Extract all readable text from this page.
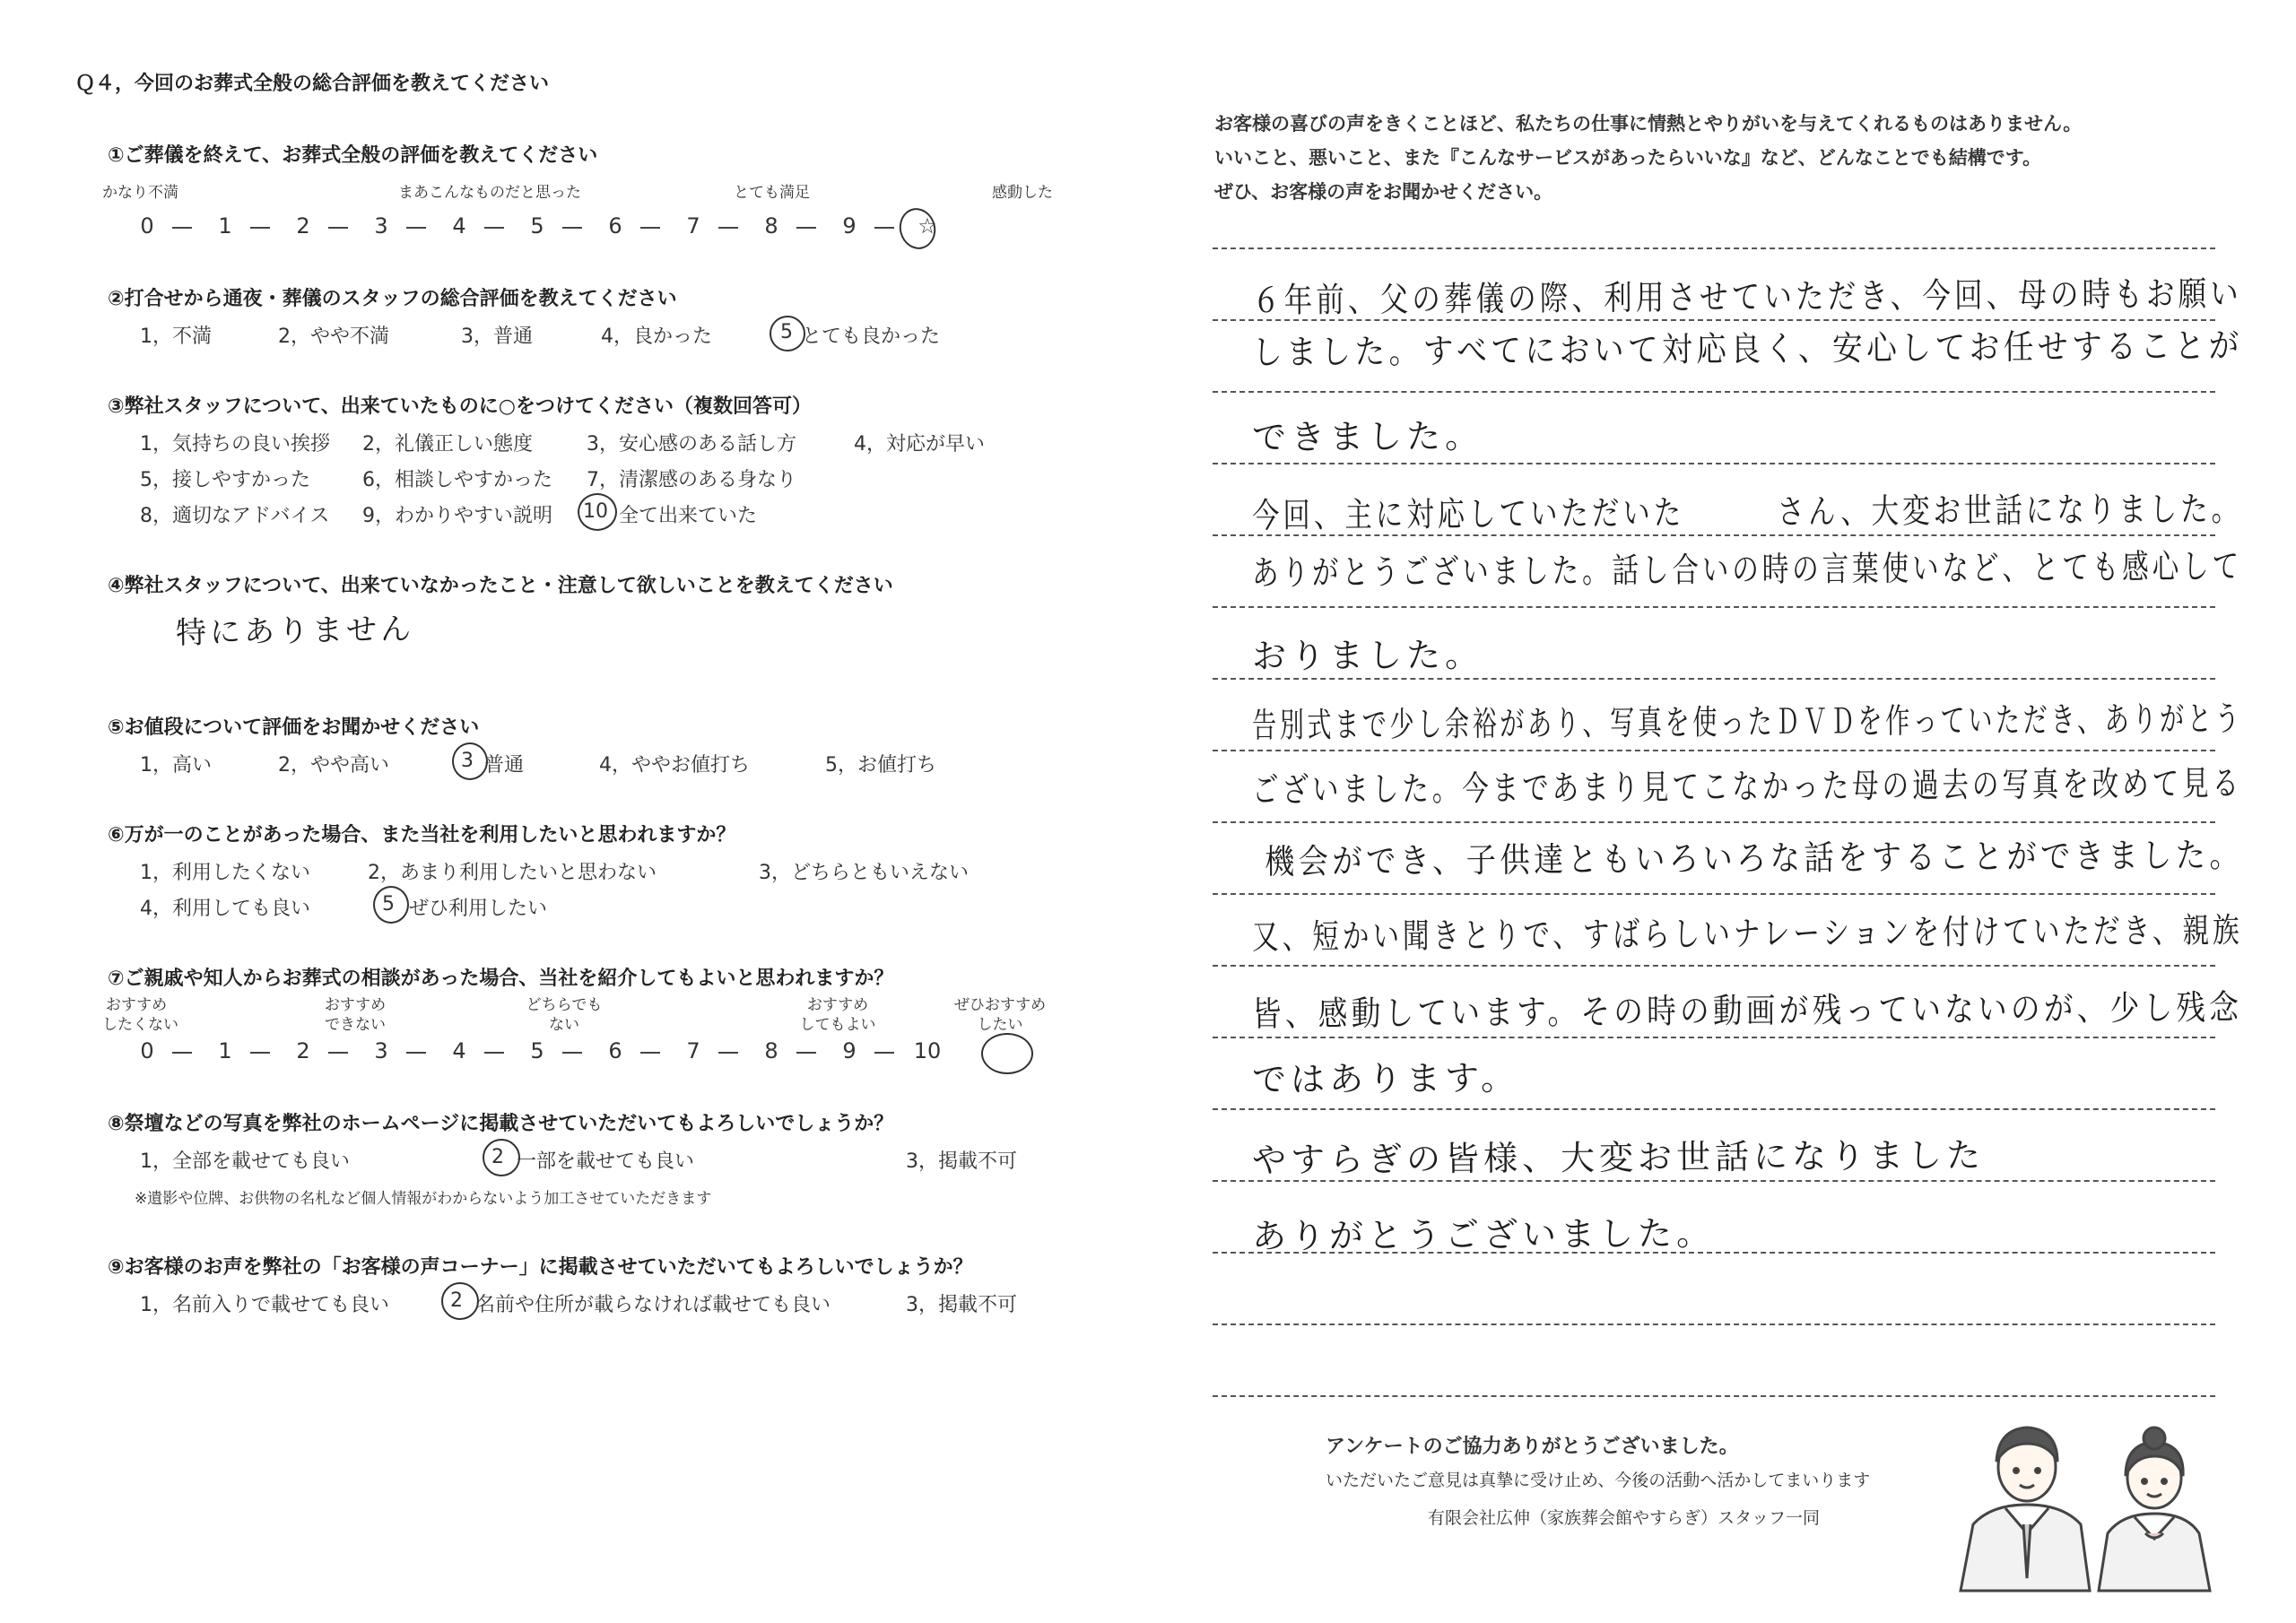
Ｑ４，今回のお葬式全般の総合評価を教えてください
①ご葬儀を終えて、お葬式全般の評価を教えてください
かなり不満	まあこんなものだと思った	とても満足	感動した
0	1	2	3	4	5	6	7	8	9	☆
②打合せから通夜・葬儀のスタッフの総合評価を教えてください
1，不満	2，やや不満	3，普通	4，良かった	5 とても良かった
③弊社スタッフについて、出来ていたものに○をつけてください（複数回答可）
1，気持ちの良い挨拶 2，礼儀正しい態度	3，安心感のある話し方	4，対応が早い
5，接しやすかった	6，相談しやすかった 7，清潔感のある身なり
8，適切なアドバイス 9，わかりやすい説明 10 全て出来ていた
④弊社スタッフについて、出来ていなかったこと・注意して欲しいことを教えてください
特にありません
⑤お値段について評価をお聞かせください
1，高い	2，やや高い	3 普通	4，ややお値打ち	5，お値打ち
⑥万が一のことがあった場合、また当社を利用したいと思われますか？
1，利用したくない	2，あまり利用したいと思わない	3，どちらともいえない
4，利用しても良い	5 ぜひ利用したい
⑦ご親戚や知人からお葬式の相談があった場合、当社を紹介してもよいと思われますか？
おすすめ
したくない
おすすめ
できない
どちらでも
ない
おすすめ
してもよい
ぜひおすすめ
したい
0	1	2	3	4	5	6	7	8	9	10
⑧祭壇などの写真を弊社のホームページに掲載させていただいてもよろしいでしょうか？
1，全部を載せても良い	2 一部を載せても良い	3，掲載不可
※遺影や位牌、お供物の名札など個人情報がわからないよう加工させていただきます
⑨お客様のお声を弊社の「お客様の声コーナー」に掲載させていただいてもよろしいでしょうか？
1，名前入りで載せても良い	2 名前や住所が載らなければ載せても良い	3，掲載不可
お客様の喜びの声をきくことほど、私たちの仕事に情熱とやりがいを与えてくれるものはありません。
いいこと、悪いこと、また『こんなサービスがあったらいいな』など、どんなことでも結構です。
ぜひ、お客様の声をお聞かせください。
６年前、父の葬儀の際、利用させていただき、今回、母の時もお願い
しました。すべてにおいて対応良く、安心してお任せすることが
できました。
今回、主に対応していただいた　　　さん、大変お世話になりました。
ありがとうございました。話し合いの時の言葉使いなど、とても感心して
おりました。
告別式まで少し余裕があり、写真を使ったＤＶＤを作っていただき、ありがとう
ございました。今まであまり見てこなかった母の過去の写真を改めて見る
機会ができ、子供達ともいろいろな話をすることができました。
又、短かい聞きとりで、すばらしいナレーションを付けていただき、親族
皆、感動しています。その時の動画が残っていないのが、少し残念
ではあります。
やすらぎの皆様、大変お世話になりました
ありがとうございました。
アンケートのご協力ありがとうございました。
いただいたご意見は真摯に受け止め、今後の活動へ活かしてまいります
有限会社広伸（家族葬会館やすらぎ）スタッフ一同
